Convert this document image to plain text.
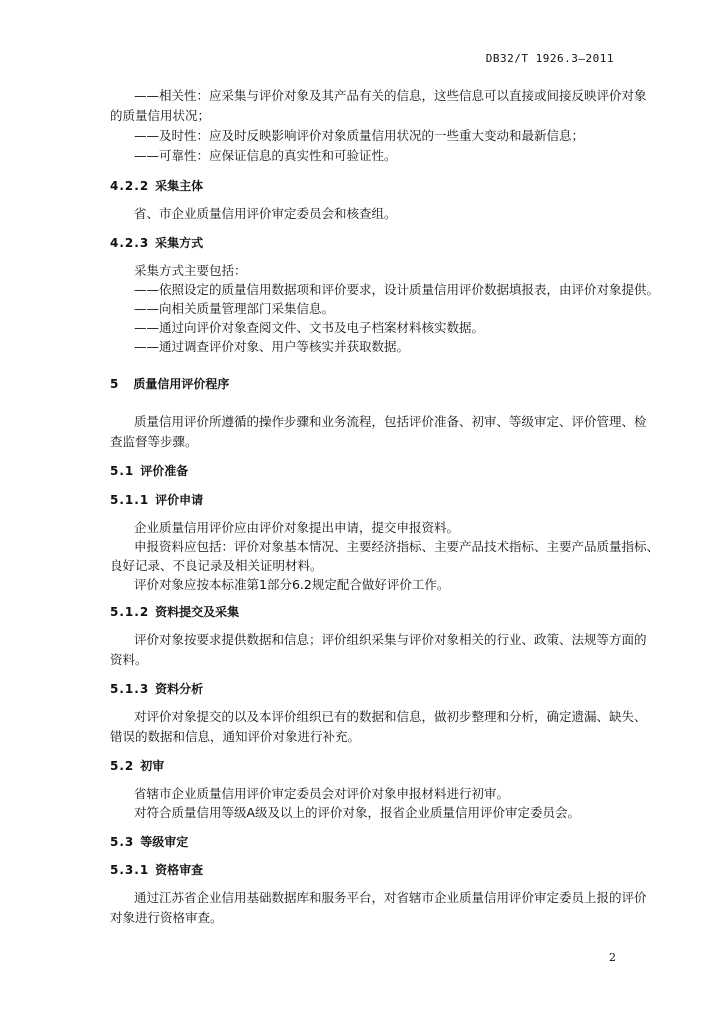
DB32/T 1926.3—2011
——相关性：应采集与评价对象及其产品有关的信息，这些信息可以直接或间接反映评价对象
的质量信用状况；
——及时性：应及时反映影响评价对象质量信用状况的一些重大变动和最新信息；
——可靠性：应保证信息的真实性和可验证性。
4.2.2 采集主体
省、市企业质量信用评价审定委员会和核查组。
4.2.3 采集方式
采集方式主要包括：
——依照设定的质量信用数据项和评价要求，设计质量信用评价数据填报表，由评价对象提供。
——向相关质量管理部门采集信息。
——通过向评价对象查阅文件、文书及电子档案材料核实数据。
——通过调查评价对象、用户等核实并获取数据。
5 质量信用评价程序
质量信用评价所遵循的操作步骤和业务流程，包括评价准备、初审、等级审定、评价管理、检
查监督等步骤。
5.1 评价准备
5.1.1 评价申请
企业质量信用评价应由评价对象提出申请，提交申报资料。
申报资料应包括：评价对象基本情况、主要经济指标、主要产品技术指标、主要产品质量指标、
良好记录、不良记录及相关证明材料。
评价对象应按本标准第1部分6.2规定配合做好评价工作。
5.1.2 资料提交及采集
评价对象按要求提供数据和信息；评价组织采集与评价对象相关的行业、政策、法规等方面的
资料。
5.1.3 资料分析
对评价对象提交的以及本评价组织已有的数据和信息，做初步整理和分析，确定遗漏、缺失、
错误的数据和信息，通知评价对象进行补充。
5.2 初审
省辖市企业质量信用评价审定委员会对评价对象申报材料进行初审。
对符合质量信用等级A级及以上的评价对象，报省企业质量信用评价审定委员会。
5.3 等级审定
5.3.1 资格审查
通过江苏省企业信用基础数据库和服务平台，对省辖市企业质量信用评价审定委员上报的评价
对象进行资格审查。
2
